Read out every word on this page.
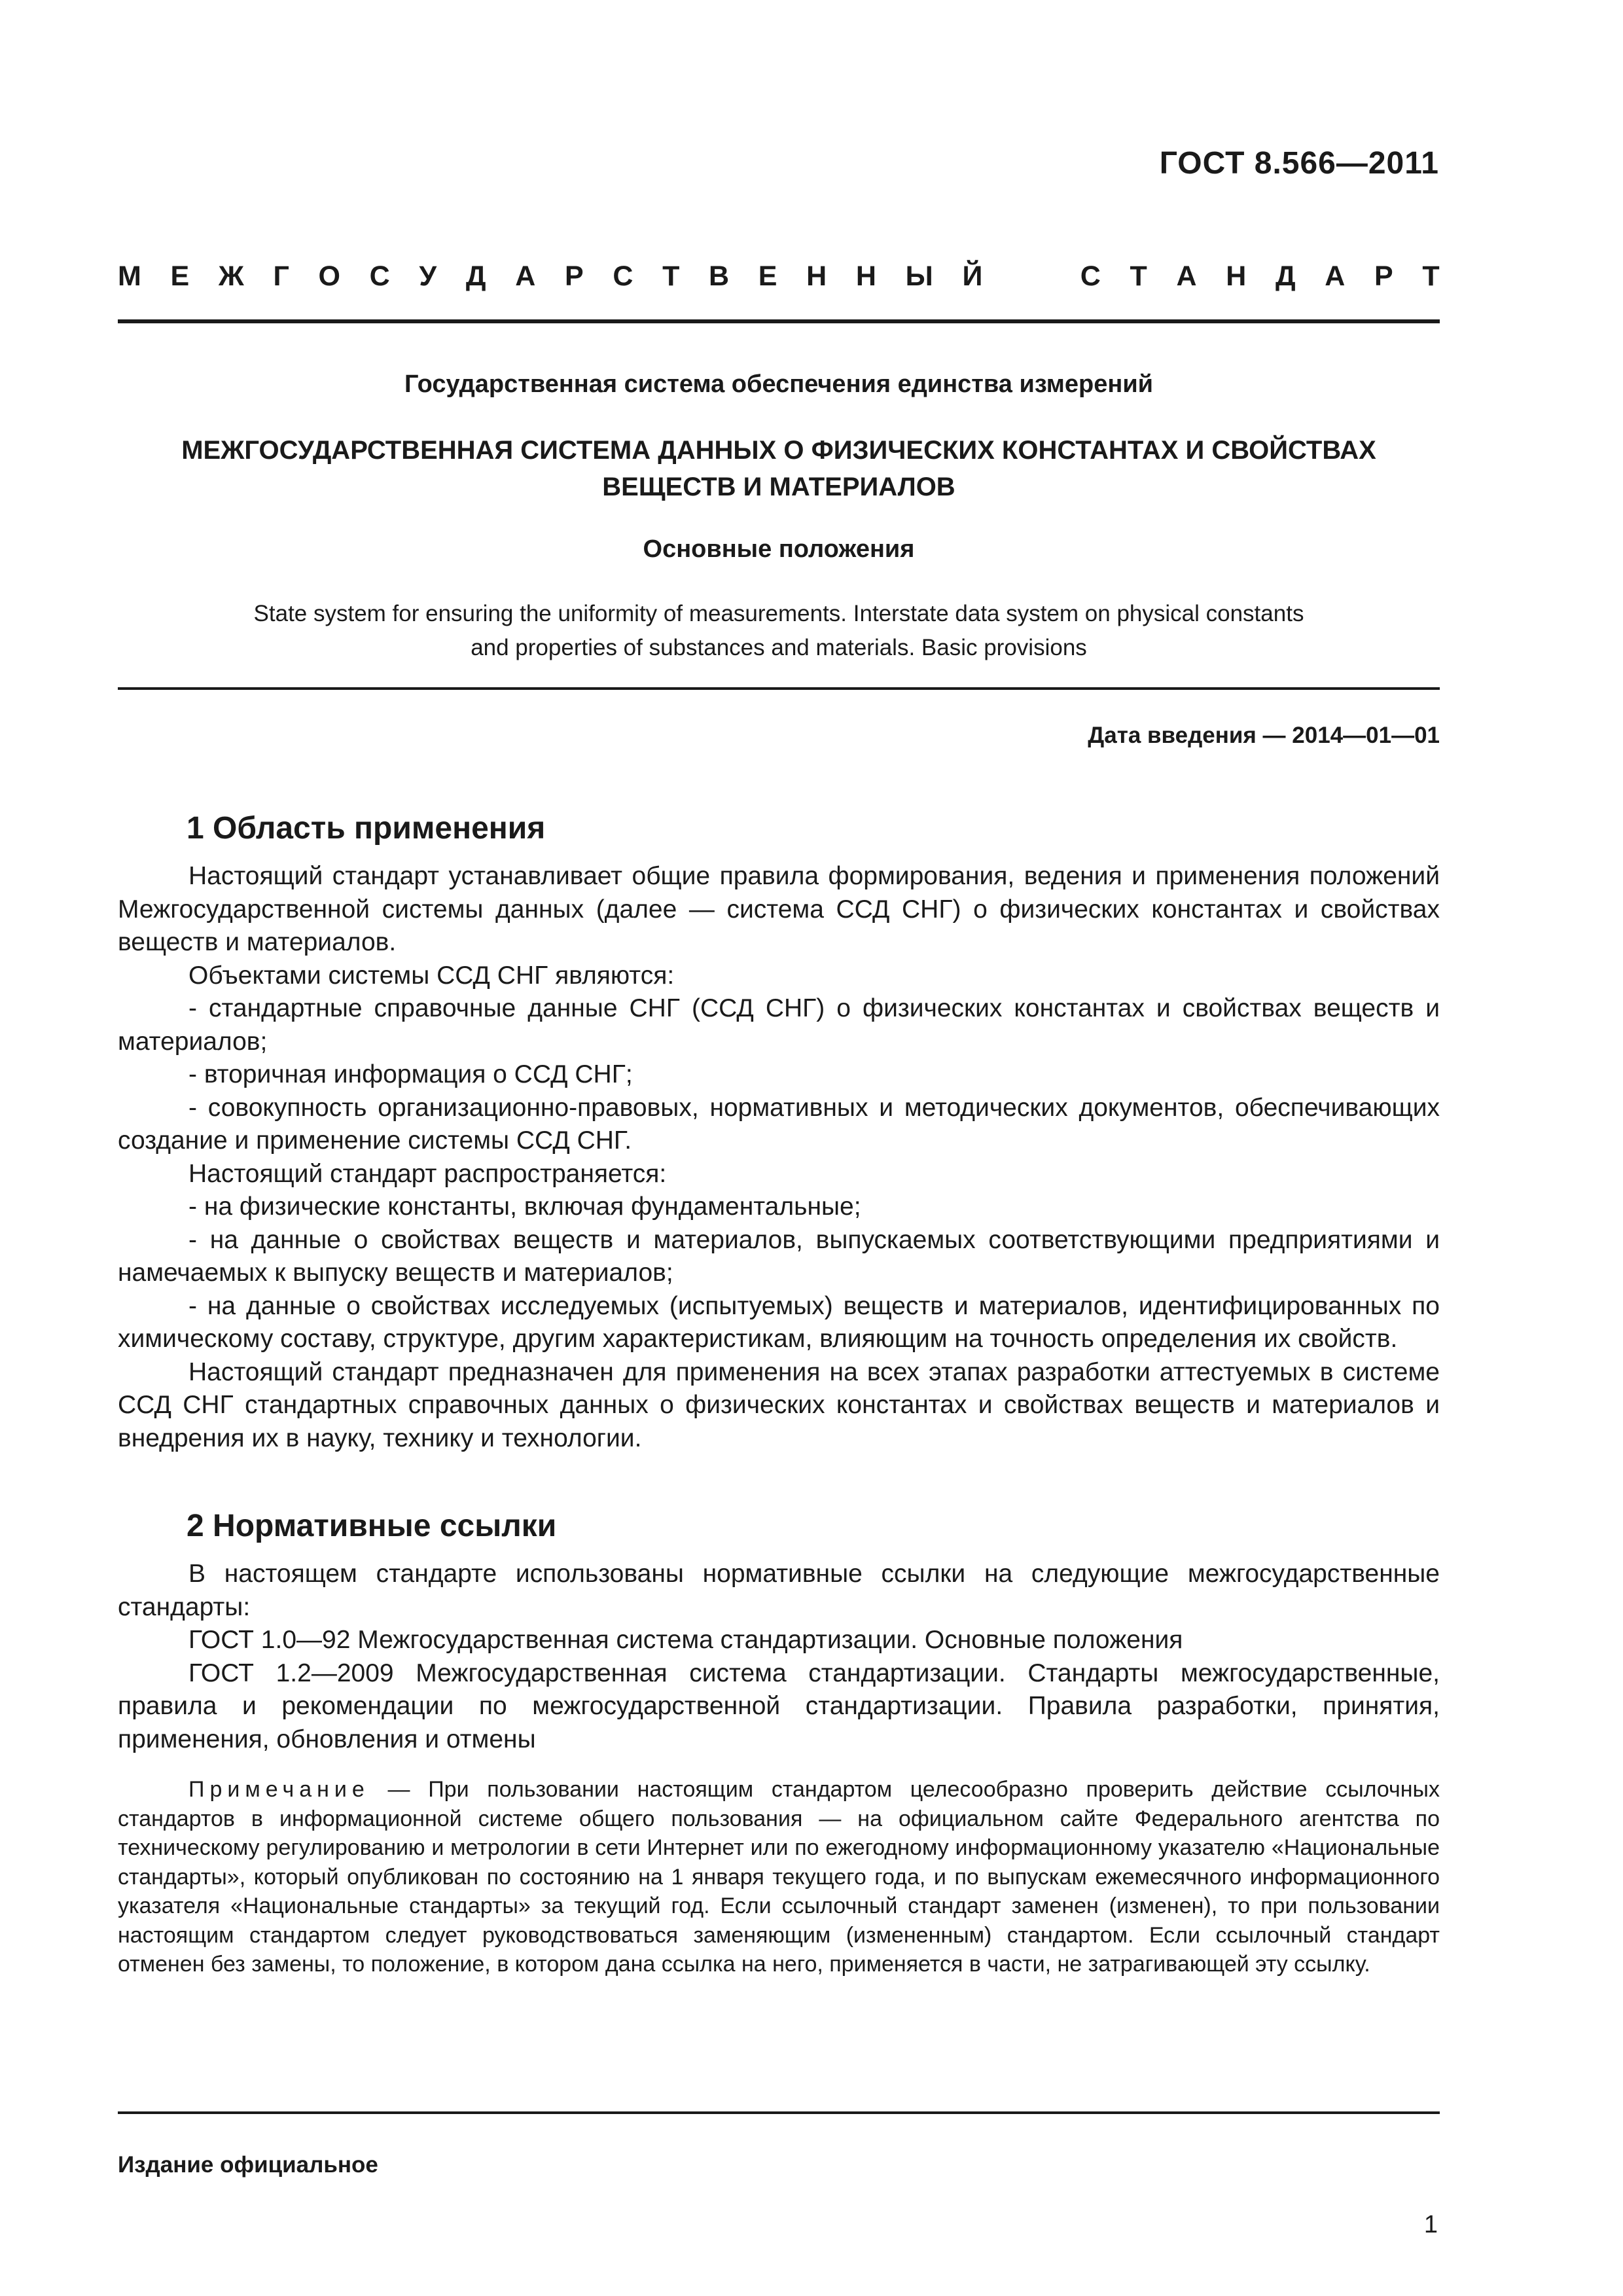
ГОСТ 8.566—2011
М Е Ж Г О С У Д А Р С Т В Е Н Н Ы Й	С Т А Н Д А Р Т
Государственная система обеспечения единства измерений
МЕЖГОСУДАРСТВЕННАЯ СИСТЕМА ДАННЫХ О ФИЗИЧЕСКИХ КОНСТАНТАХ И СВОЙСТВАХ
ВЕЩЕСТВ И МАТЕРИАЛОВ
Основные положения
State system for ensuring the uniformity of measurements. Interstate data system on physical constants
and properties of substances and materials. Basic provisions
Дата введения — 2014—01—01
1 Область применения

Настоящий стандарт устанавливает общие правила формирования, ведения и применения положений Межгосударственной системы данных (далее — система ССД СНГ) о физических константах и свойствах веществ и материалов.

Объектами системы ССД СНГ являются:

- стандартные справочные данные СНГ (ССД СНГ) о физических константах и свойствах веществ и материалов;

- вторичная информация о ССД СНГ;

- совокупность организационно-правовых, нормативных и методических документов, обеспечивающих создание и применение системы ССД СНГ.

Настоящий стандарт распространяется:

- на физические константы, включая фундаментальные;

- на данные о свойствах веществ и материалов, выпускаемых соответствующими предприятиями и намечаемых к выпуску веществ и материалов;

- на данные о свойствах исследуемых (испытуемых) веществ и материалов, идентифицированных по химическому составу, структуре, другим характеристикам, влияющим на точность определения их свойств.

Настоящий стандарт предназначен для применения на всех этапах разработки аттестуемых в системе ССД СНГ стандартных справочных данных о физических константах и свойствах веществ и материалов и внедрения их в науку, технику и технологии.

2 Нормативные ссылки

В настоящем стандарте использованы нормативные ссылки на следующие межгосударственные стандарты:

ГОСТ 1.0—92 Межгосударственная система стандартизации. Основные положения

ГОСТ 1.2—2009 Межгосударственная система стандартизации. Стандарты межгосударственные, правила и рекомендации по межгосударственной стандартизации. Правила разработки, принятия, применения, обновления и отмены

Примечание — При пользовании настоящим стандартом целесообразно проверить действие ссылочных стандартов в информационной системе общего пользования — на официальном сайте Федерального агентства по техническому регулированию и метрологии в сети Интернет или по ежегодному информационному указателю «Национальные стандарты», который опубликован по состоянию на 1 января текущего года, и по выпускам ежемесячного информационного указателя «Национальные стандарты» за текущий год. Если ссылочный стандарт заменен (изменен), то при пользовании настоящим стандартом следует руководствоваться заменяющим (измененным) стандартом. Если ссылочный стандарт отменен без замены, то положение, в котором дана ссылка на него, применяется в части, не затрагивающей эту ссылку.

Издание официальное
1
